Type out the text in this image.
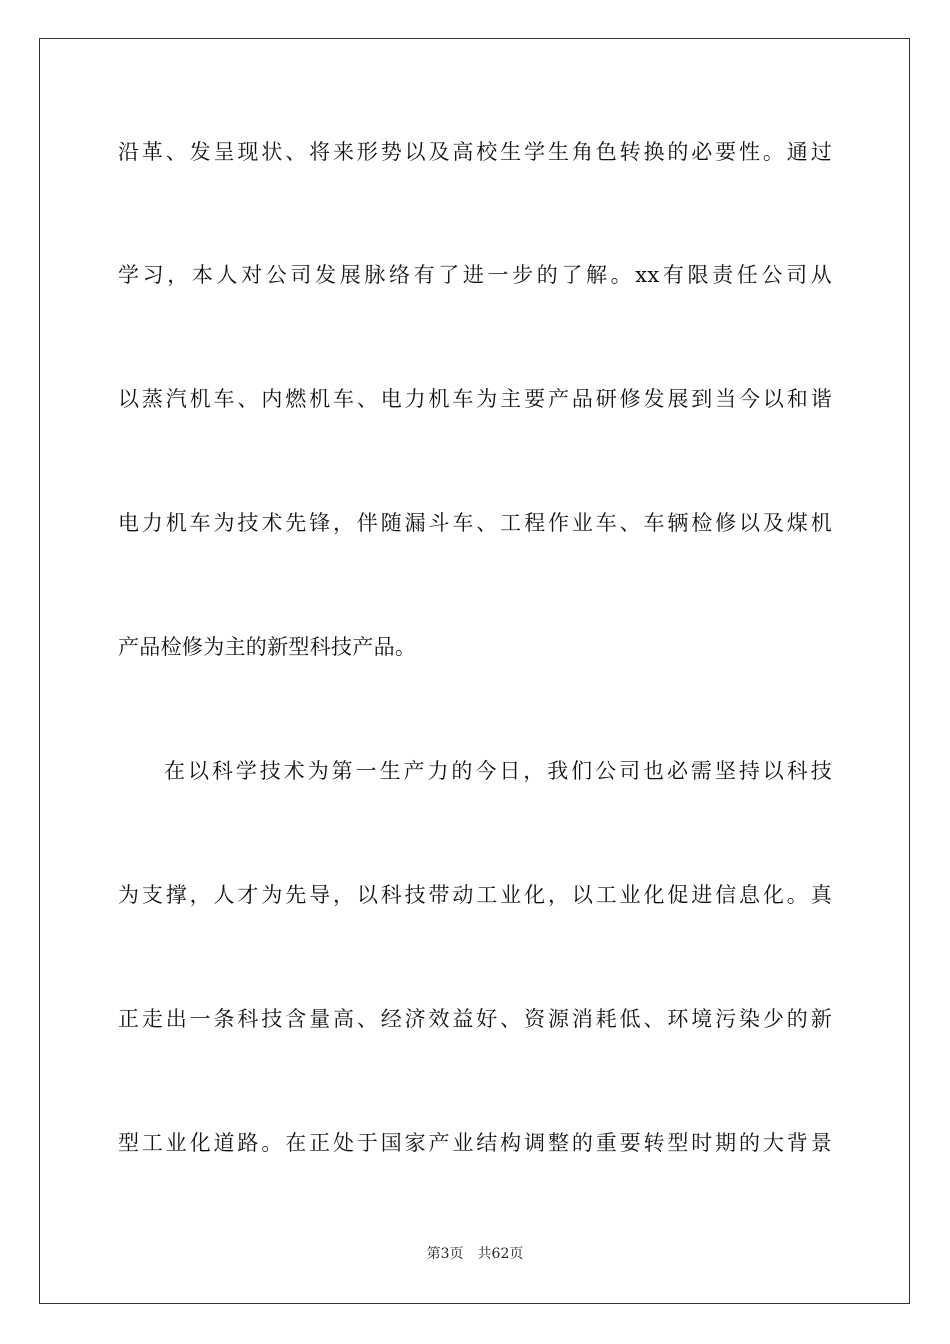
沿革、发呈现状、将来形势以及高校生学生角色转换的必要性。通过
学习，本人对公司发展脉络有了进一步的了解。xx有限责任公司从
以蒸汽机车、内燃机车、电力机车为主要产品研修发展到当今以和谐
电力机车为技术先锋，伴随漏斗车、工程作业车、车辆检修以及煤机
产品检修为主的新型科技产品。
在以科学技术为第一生产力的今日，我们公司也必需坚持以科技
为支撑，人才为先导，以科技带动工业化，以工业化促进信息化。真
正走出一条科技含量高、经济效益好、资源消耗低、环境污染少的新
型工业化道路。在正处于国家产业结构调整的重要转型时期的大背景
第3页 共62页
